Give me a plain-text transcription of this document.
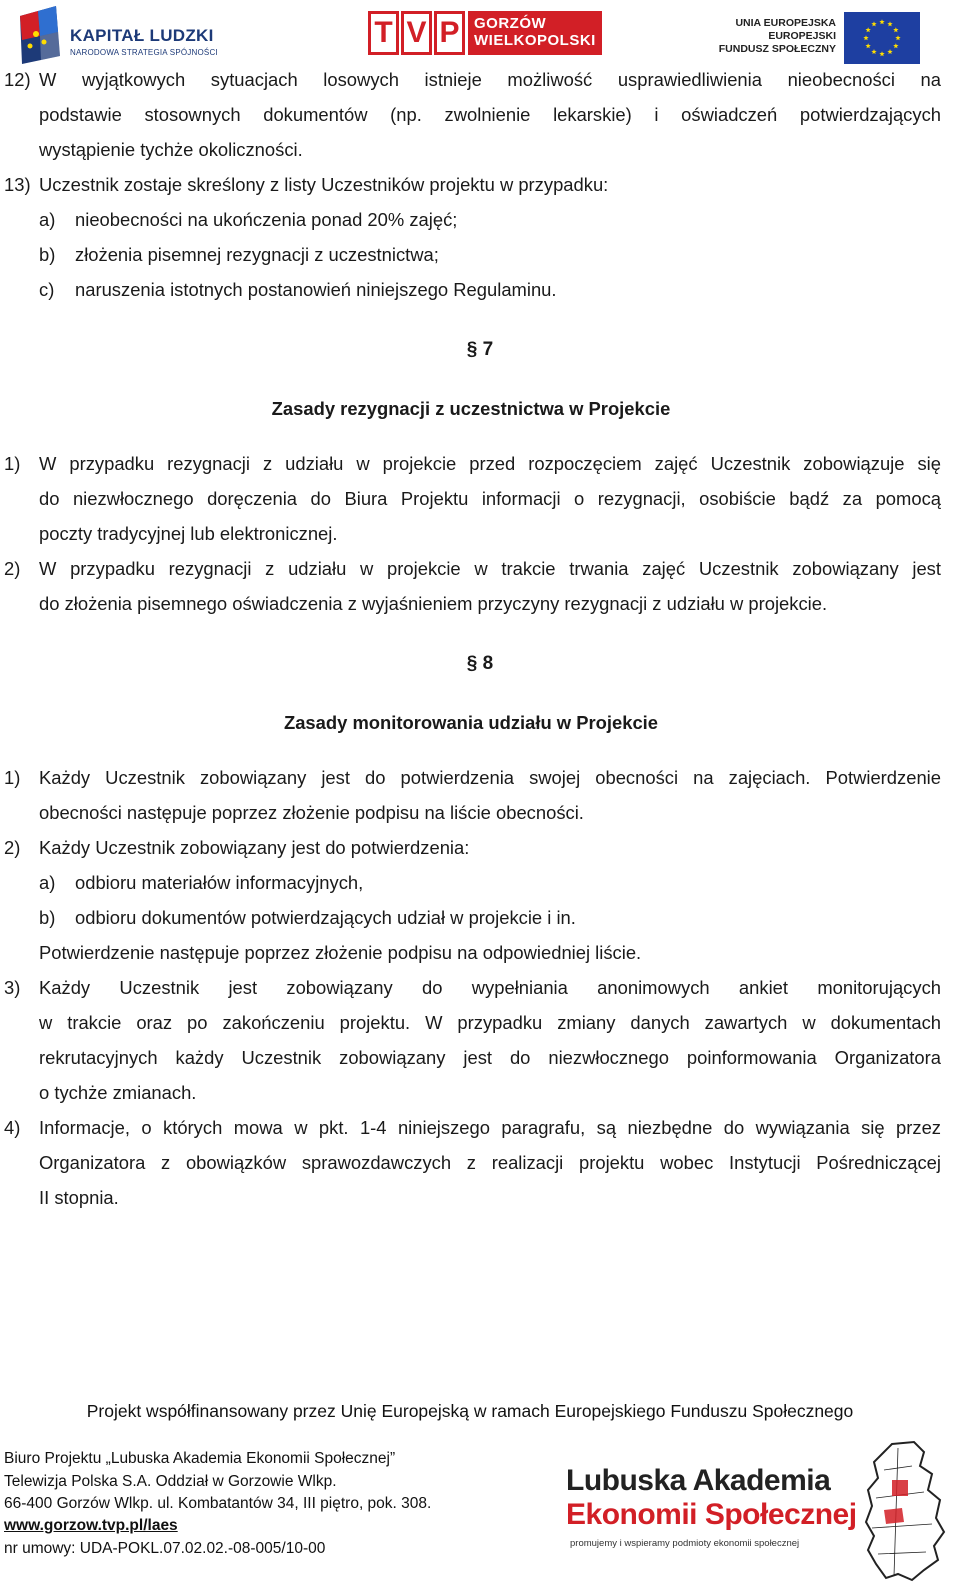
KAPITAŁ LUDZKI
NARODOWA STRATEGIA SPÓJNOŚCI
T V P GORZÓW
WIELKOPOLSKI
UNIA EUROPEJSKA
EUROPEJSKI
FUNDUSZ SPOŁECZNY
12) W wyjątkowych sytuacjach losowych istnieje możliwość usprawiedliwienia nieobecności na
podstawie stosownych dokumentów (np. zwolnienie lekarskie) i oświadczeń potwierdzających
wystąpienie tychże okoliczności.
13) Uczestnik zostaje skreślony z listy Uczestników projektu w przypadku:
a) nieobecności na ukończenia ponad 20% zajęć;
b) złożenia pisemnej rezygnacji z uczestnictwa;
c) naruszenia istotnych postanowień niniejszego Regulaminu.
§ 7
Zasady rezygnacji z uczestnictwa w Projekcie
1) W przypadku rezygnacji z udziału w projekcie przed rozpoczęciem zajęć Uczestnik zobowiązuje się
do niezwłocznego doręczenia do Biura Projektu informacji o rezygnacji, osobiście bądź za pomocą
poczty tradycyjnej lub elektronicznej.
2) W przypadku rezygnacji z udziału w projekcie w trakcie trwania zajęć Uczestnik zobowiązany jest
do złożenia pisemnego oświadczenia z wyjaśnieniem przyczyny rezygnacji z udziału w projekcie.
§ 8
Zasady monitorowania udziału w Projekcie
1) Każdy Uczestnik zobowiązany jest do potwierdzenia swojej obecności na zajęciach. Potwierdzenie
obecności następuje poprzez złożenie podpisu na liście obecności.
2) Każdy Uczestnik zobowiązany jest do potwierdzenia:
a) odbioru materiałów informacyjnych,
b) odbioru dokumentów potwierdzających udział w projekcie i in.
Potwierdzenie następuje poprzez złożenie podpisu na odpowiedniej liście.
3) Każdy Uczestnik jest zobowiązany do wypełniania anonimowych ankiet monitorujących
w trakcie oraz po zakończeniu projektu. W przypadku zmiany danych zawartych w dokumentach
rekrutacyjnych każdy Uczestnik zobowiązany jest do niezwłocznego poinformowania Organizatora
o tychże zmianach.
4) Informacje, o których mowa w pkt. 1-4 niniejszego paragrafu, są niezbędne do wywiązania się przez
Organizatora z obowiązków sprawozdawczych z realizacji projektu wobec Instytucji Pośredniczącej
II stopnia.
Projekt współfinansowany przez Unię Europejską w ramach Europejskiego Funduszu Społecznego
Biuro Projektu „Lubuska Akademia Ekonomii Społecznej”
Telewizja Polska S.A. Oddział w Gorzowie Wlkp.
66-400 Gorzów Wlkp. ul. Kombatantów 34, III piętro, pok. 308.
www.gorzow.tvp.pl/laes
nr umowy: UDA-POKL.07.02.02.-08-005/10-00
Lubuska Akademia
Ekonomii Społecznej
promujemy i wspieramy podmioty ekonomii społecznej
